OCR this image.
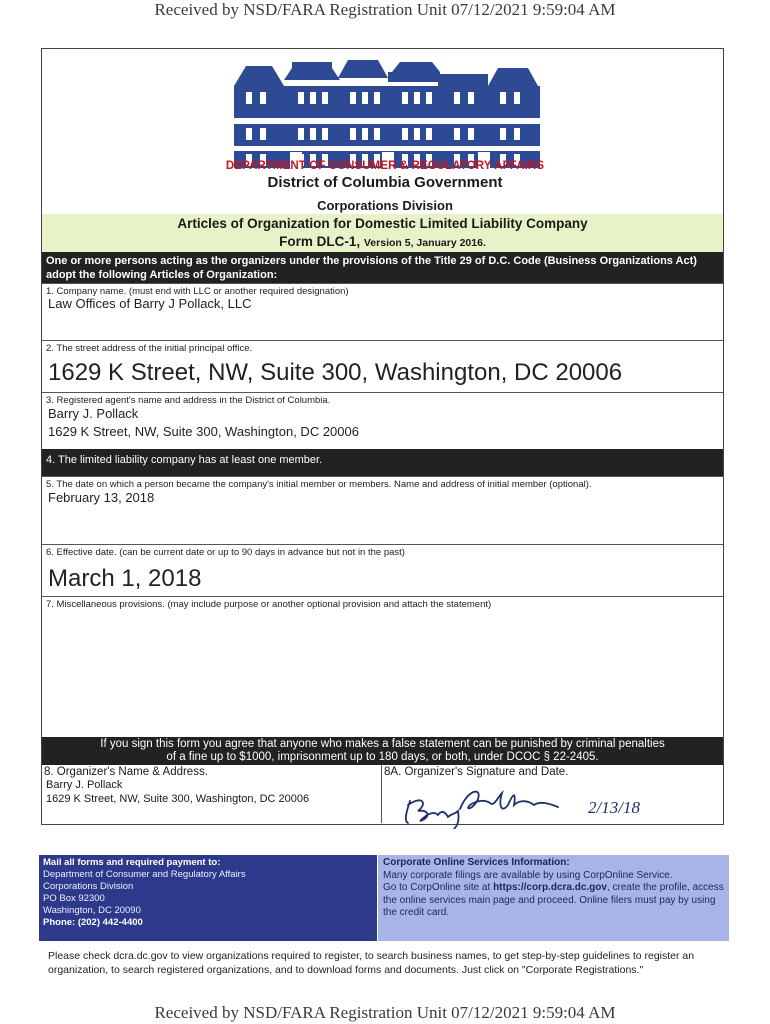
Received by NSD/FARA Registration Unit 07/12/2021 9:59:04 AM
DEPARTMENT OF CONSUMER & REGULATORY AFFAIRS
District of Columbia Government
Corporations Division
Articles of Organization for Domestic Limited Liability Company
Form DLC-1, Version 5, January 2016.
One or more persons acting as the organizers under the provisions of the Title 29 of D.C. Code (Business Organizations Act) adopt the following Articles of Organization:
1. Company name. (must end with LLC or another required designation)
Law Offices of Barry J Pollack, LLC
2. The street address of the initial principal office.
1629 K Street, NW, Suite 300, Washington, DC 20006
3. Registered agent's name and address in the District of Columbia.
Barry J. Pollack
1629 K Street, NW, Suite 300, Washington, DC 20006
4. The limited liability company has at least one member.
5. The date on which a person became the company's initial member or members. Name and address of initial member (optional).
February 13, 2018
6. Effective date. (can be current date or up to 90 days in advance but not in the past)
March 1, 2018
7. Miscellaneous provisions. (may include purpose or another optional provision and attach the statement)
If you sign this form you agree that anyone who makes a false statement can be punished by criminal penalties
of a fine up to $1000, imprisonment up to 180 days, or both, under DCOC § 22-2405.
8. Organizer's Name & Address.
Barry J. Pollack
1629 K Street, NW, Suite 300, Washington, DC 20006
8A. Organizer's Signature and Date.
2/13/18
Mail all forms and required payment to:
Department of Consumer and Regulatory Affairs
Corporations Division
PO Box 92300
Washington, DC 20090
Phone: (202) 442-4400
Corporate Online Services Information:
Many corporate filings are available by using CorpOnline Service.
Go to CorpOnline site at https://corp.dcra.dc.gov, create the profile, access
the online services main page and proceed. Online filers must pay by using
the credit card.
Please check dcra.dc.gov to view organizations required to register, to search business names, to get step-by-step guidelines to register an organization, to search registered organizations, and to download forms and documents. Just click on "Corporate Registrations."
Received by NSD/FARA Registration Unit 07/12/2021 9:59:04 AM
